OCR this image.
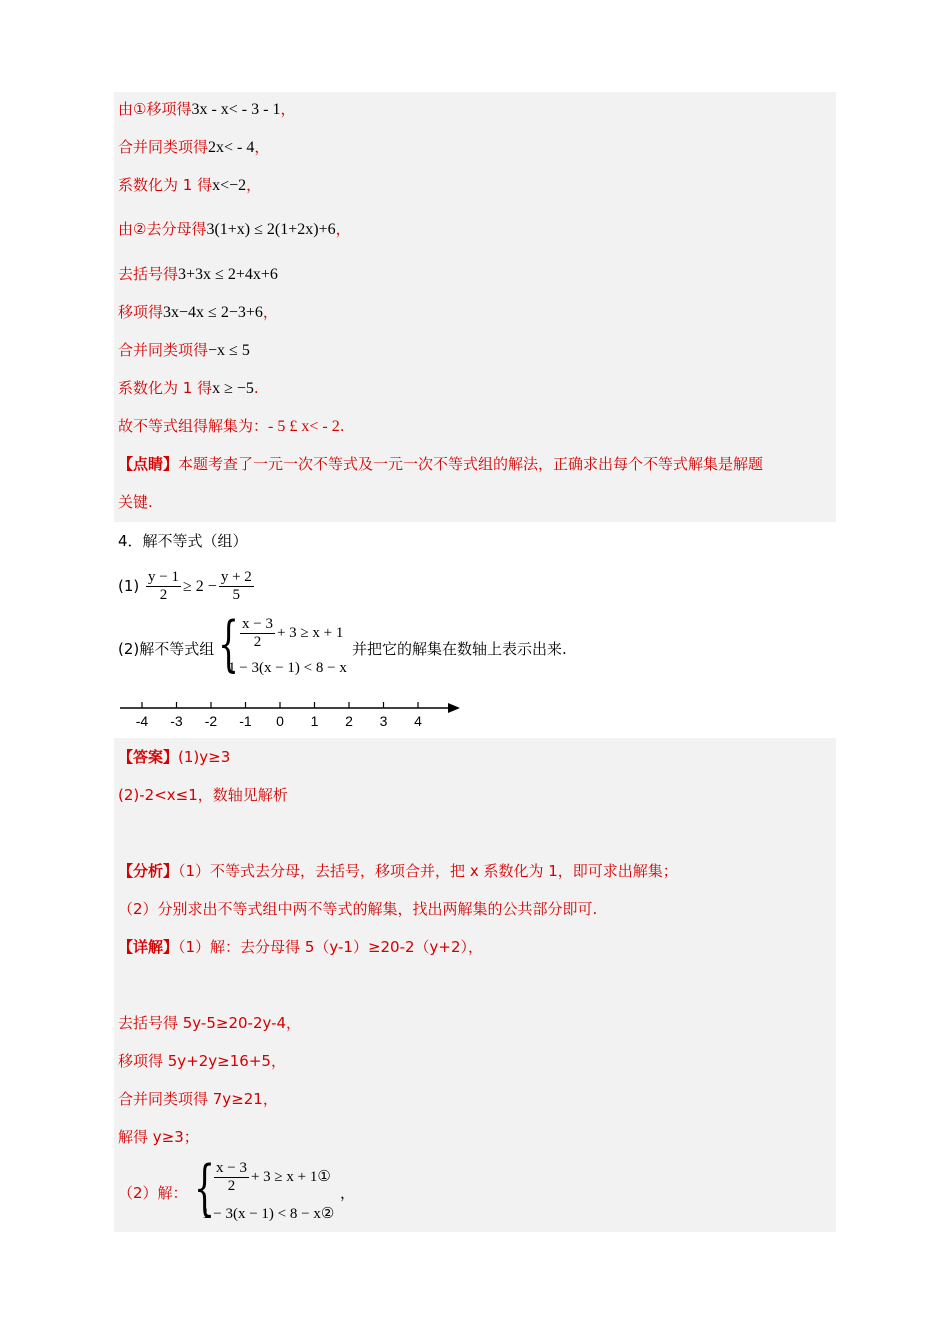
由①移项得3x - x< - 3 - 1，
合并同类项得2x< - 4，
系数化为 1 得x<−2，
由②去分母得3(1+x) ≤ 2(1+2x)+6，
去括号得3+3x ≤ 2+4x+6
移项得3x−4x ≤ 2−3+6，
合并同类项得−x ≤ 5
系数化为 1 得x ≥ −5.
故不等式组得解集为：- 5 £ x< - 2.
【点睛】本题考查了一元一次不等式及一元一次不等式组的解法，正确求出每个不等式解集是解题
关键.
4．解不等式（组）
$(1) \frac{y - 1}{2} \ge 2 - \frac{y + 2}{5}$
(2)解不等式组 { $\frac{x - 3}{2} + 3 \ge x + 1$
1 − 3(x − 1) < 8 − x
并把它的解集在数轴上表示出来.
-4 -3 -2 -1 0 1 2 3 4
【答案】(1)y≥3
(2)-2<x≤1，数轴见解析
【分析】（1）不等式去分母，去括号，移项合并，把 x 系数化为 1，即可求出解集；
（2）分别求出不等式组中两不等式的解集，找出两解集的公共部分即可.
【详解】（1）解：去分母得 5（y-1）≥20-2（y+2），
去括号得 5y-5≥20-2y-4，
移项得 5y+2y≥16+5，
合并同类项得 7y≥21，
解得 y≥3；
（2）解： {
$\frac{x - 3}{2} + 3 \ge x$ + 1①
1 − 3(x − 1) < 8 − x②
，
